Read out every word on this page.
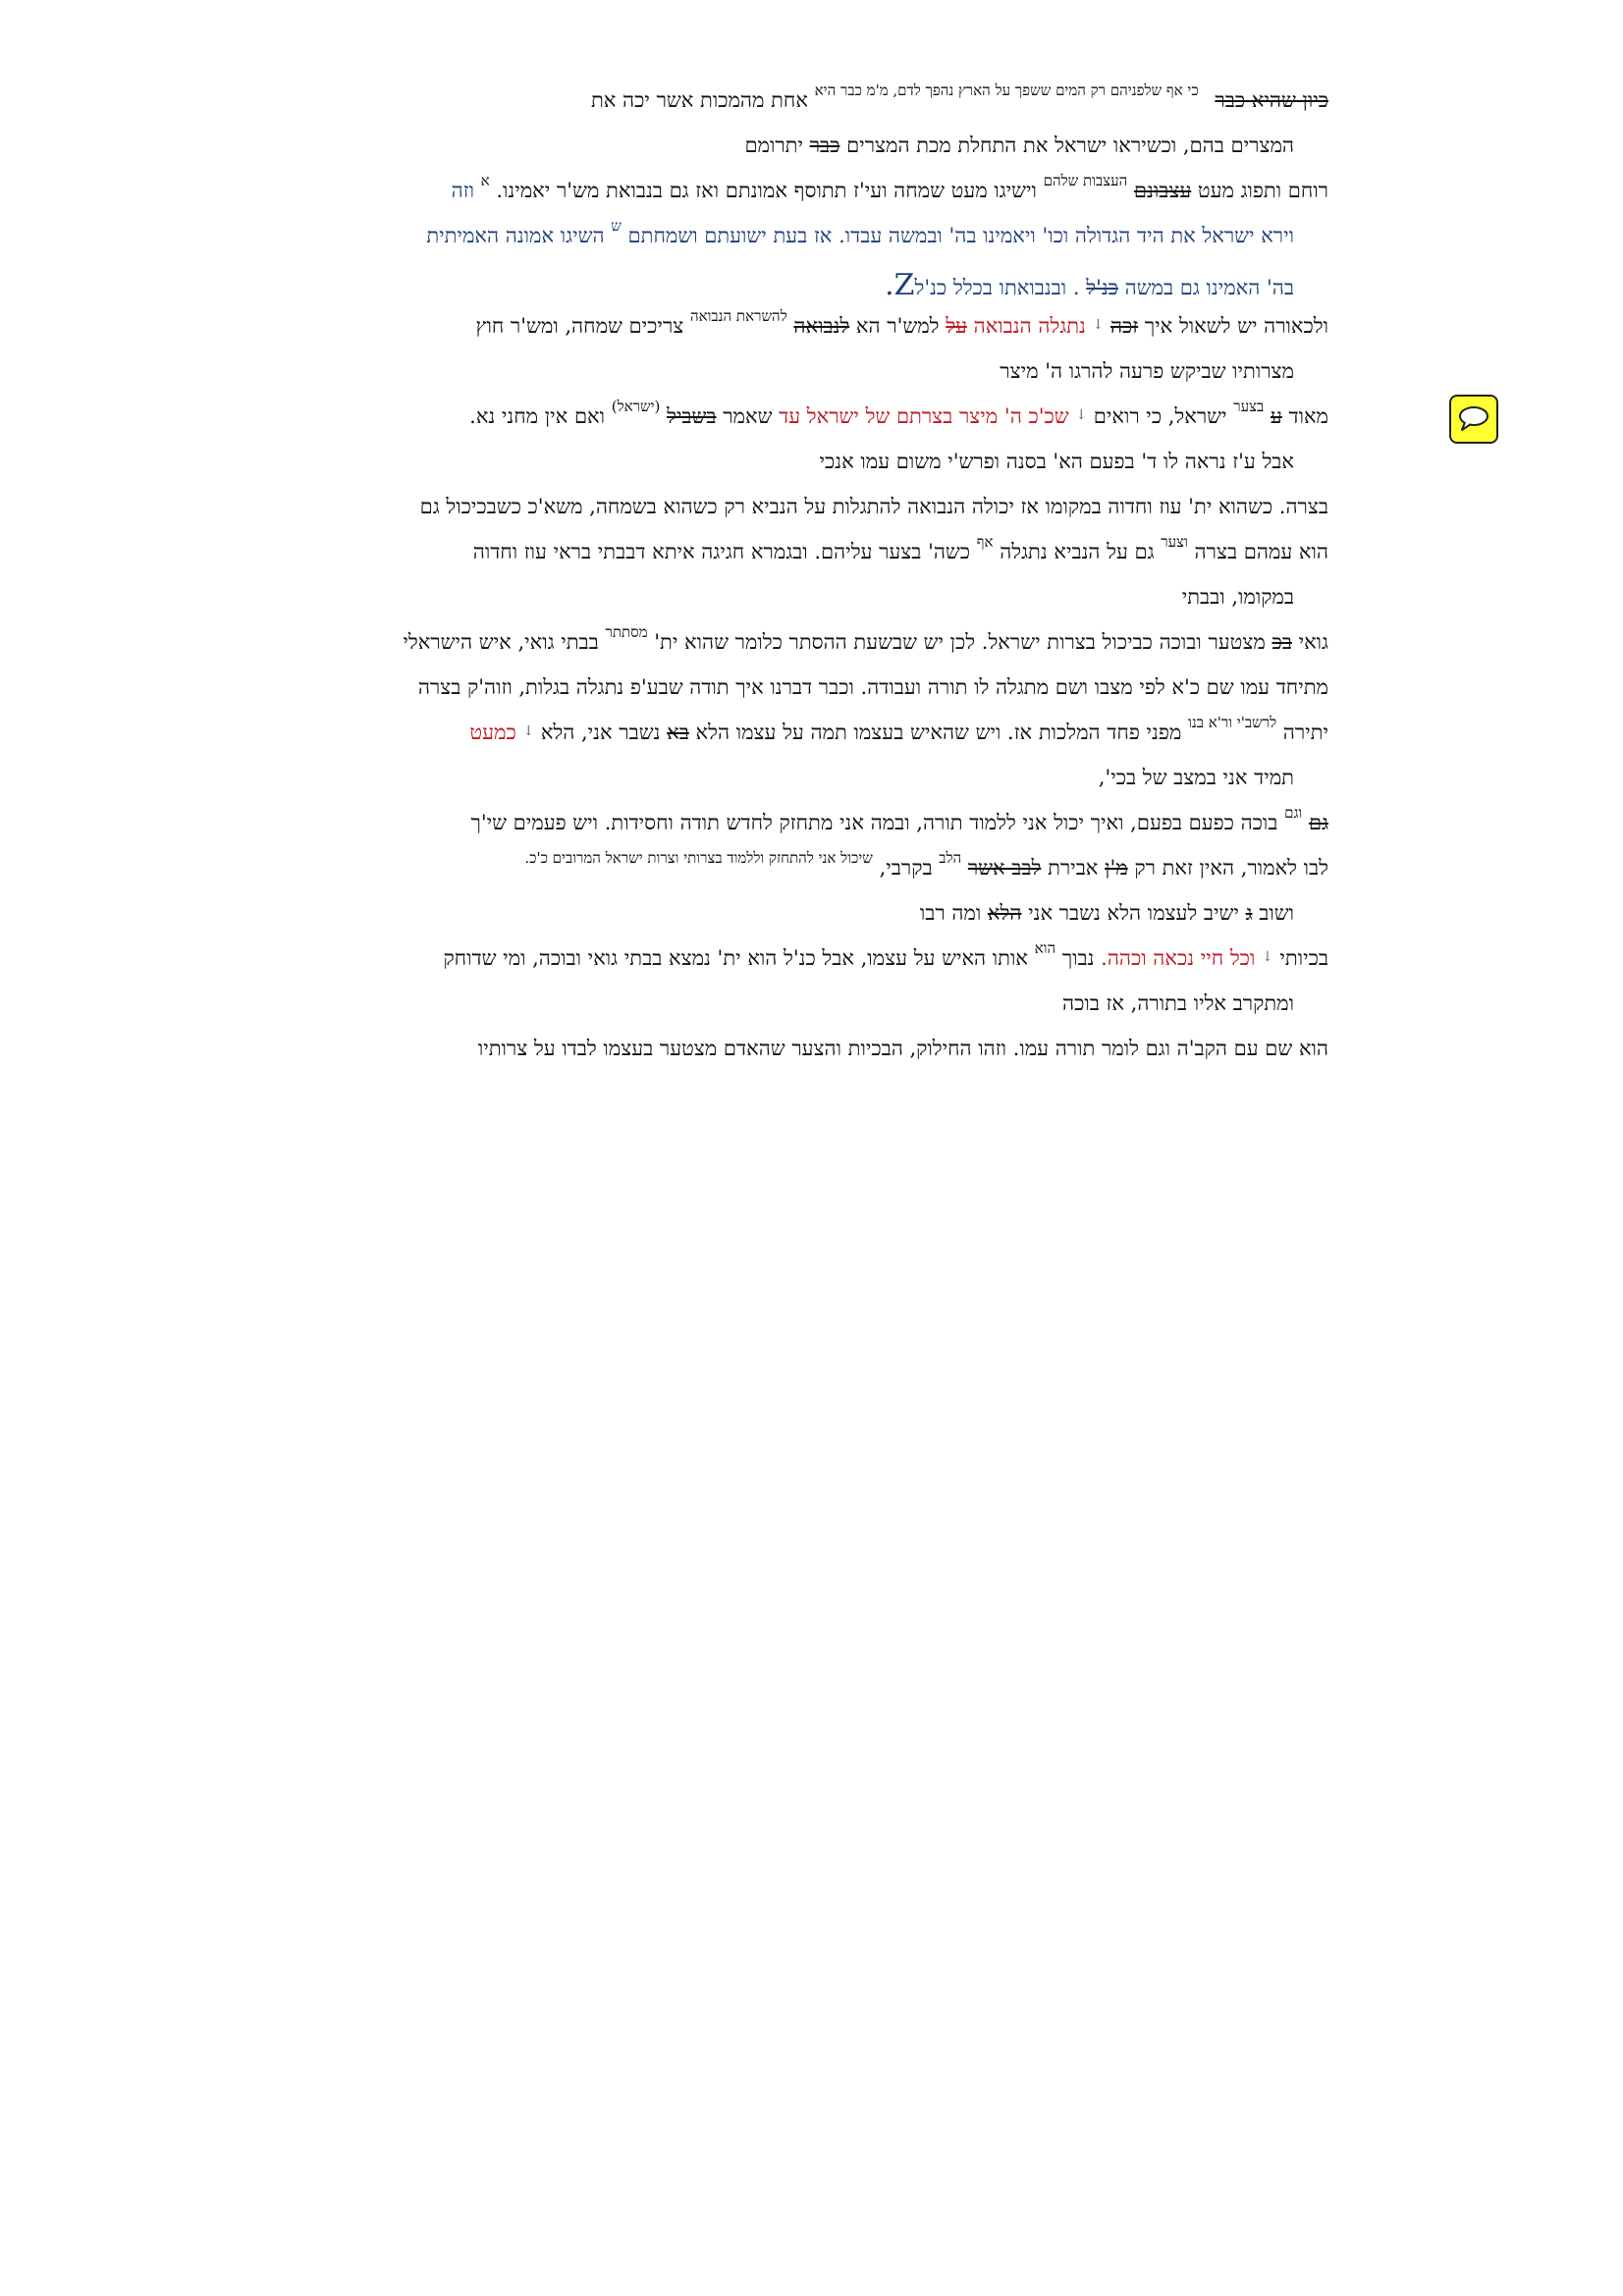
כיון שהיא כבר $^{כי אף שלפניהם רק המים ששפך על הארץ נהפך לדם, מ'מ כבר היא}$ אחת מהמכות אשר יכה את
המצרים בהם, וכשיראו ישראל את התחלת מכת המצרים כבר יתרומם
רוחם ותפוג מעט עצבונם $^{העצבות שלהם}$ וישיגו מעט שמחה ועי'ז תתוסף אמונתם ואז גם בנבואת מש'ר יאמינו. $^א$ וזה
וירא ישראל את היד הגדולה וכו' ויאמינו בה' ובמשה עבדו. אז בעת ישועתם ושמחתם $^ש$ השיגו אמונה האמיתית
בה' האמינו גם במשה כנ'ל . ובנבואתו בכלל כנ'לZ.
ולכאורה יש לשאול איך זכה ↓ נתגלה הנבואה על למש'ר הא לנבואה $^{להשראת הנבואה}$ צריכים שמחה, ומש'ר חוץ
מצרותיו שביקש פרעה להרגו ה' מיצר
מאוד ע $^{בצער}$ ישראל, כי רואים ↓ שכ'כ ה' מיצר בצרתם של ישראל עד שאמר בשביל $^{(ישראל)}$ ואם אין מחני נא.
אבל ע'ז נראה לו ד' בפעם הא' בסנה ופרש'י משום עמו אנכי
בצרה. כשהוא ית' עוז וחדוה במקומו אז יכולה הנבואה להתגלות על הנביא רק כשהוא בשמחה, משא'כ כשבכיכול גם
הוא עמהם בצרה $^{וצער}$ גם על הנביא נתגלה $^{אף}$ כשה' בצער עליהם. ובגמרא חגיגה איתא דבבתי בראי עוז וחדוה
במקומו, ובבתי
גואי בכ מצטער ובוכה כביכול בצרות ישראל. לכן יש שבשעת ההסתר כלומר שהוא ית' $^{מסתתר}$ בבתי גואי, איש הישראלי
מתיחד עמו שם כ'א לפי מצבו ושם מתגלה לו תורה ועבודה. וכבר דברנו איך תודה שבע'פ נתגלה בגלות, וזוה'ק בצרה
יתירה $^{לרשב'י ור'א בנו}$ מפני פחד המלכות אז. ויש שהאיש בעצמו תמה על עצמו הלא בא נשבר אני, הלא ↓ כמעט
תמיד אני במצב של בכי',
גם $^{וגם}$ בוכה כפעם בפעם, ואיך יכול אני ללמוד תורה, ובמה אני מתחזק לחדש תודה וחסידות. ויש פעמים שי'ך
לבו לאמור, האין זאת רק מ'ן אבירת לבב אשר $^{הלב}$ בקרבי, $^{שיכול אני להתחזק וללמוד בצרותי וצרות ישראל המרובים כ'כ.}$
ושוב ג ישיב לעצמו הלא נשבר אני הלא ומה רבו
בכיותי ↓ וכל חיי נכאה וכהה. נבוך $^{הוא}$ אותו האיש על עצמו, אבל כנ'ל הוא ית' נמצא בבתי גואי ובוכה, ומי שדוחק
ומתקרב אליו בתורה, אז בוכה
הוא שם עם הקב'ה וגם לומר תורה עמו. וזהו החילוק, הבכיות והצער שהאדם מצטער בעצמו לבדו על צרותיו
